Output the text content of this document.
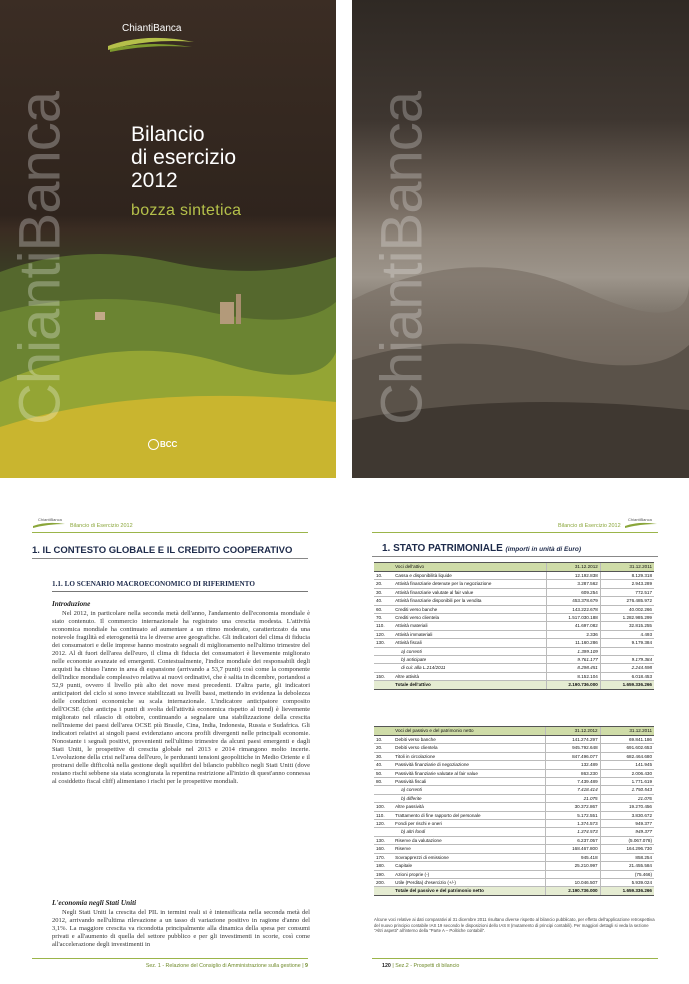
ChiantiBanca
ChiantiBanca
Bilancio
di esercizio
2012
bozza sintetica
BCC
ChiantiBanca
ChiantiBanca
Bilancio di Esercizio 2012
1. IL CONTESTO GLOBALE E IL CREDITO COOPERATIVO
1.1. LO SCENARIO MACROECONOMICO DI RIFERIMENTO
Introduzione
Nel 2012, in particolare nella seconda metà dell'anno, l'andamento dell'economia mondiale è stato contenuto. Il commercio internazionale ha registrato una crescita modesta. L'attività economica mondiale ha continuato ad aumentare a un ritmo moderato, caratterizzato da una notevole fragilità ed eterogeneità tra le diverse aree geografiche. Gli indicatori del clima di fiducia dei consumatori e delle imprese hanno mostrato segnali di miglioramento nell'ultimo trimestre del 2012. Al di fuori dell'area dell'euro, il clima di fiducia dei consumatori è lievemente migliorato nelle economie avanzate ed emergenti. Contestualmente, l'indice mondiale dei responsabili degli acquisti ha chiuso l'anno in area di espansione (arrivando a 53,7 punti) così come la componente dell'indice mondiale complessivo relativa ai nuovi ordinativi, che è salita in dicembre, portandosi a 52,9 punti, ovvero il livello più alto dei nove mesi precedenti. D'altra parte, gli indicatori anticipatori del ciclo si sono invece stabilizzati su livelli bassi, mettendo in evidenza la debolezza delle condizioni economiche su scala internazionale. L'indicatore anticipatore composito dell'OCSE (che anticipa i punti di svolta dell'attività economica rispetto al trend) è lievemente migliorato nel rilascio di ottobre, continuando a segnalare una stabilizzazione della crescita nell'insieme dei paesi dell'area OCSE più Brasile, Cina, India, Indonesia, Russia e Sudafrica. Gli indicatori relativi ai singoli paesi evidenziano ancora profili divergenti nelle principali economie. Nonostante i segnali positivi, provenienti nell'ultimo trimestre da alcuni paesi emergenti e dagli Stati Uniti, le prospettive di crescita globale nel 2013 e 2014 rimangono molto incerte. L'evoluzione della crisi nell'area dell'euro, le perduranti tensioni geopolitiche in Medio Oriente e il protrarsi delle difficoltà nella gestione degli squilibri del bilancio pubblico negli Stati Uniti (dove restano rischi sebbene sia stata scongiurata la repentina restrizione all'inizio di quest'anno connessa al cosiddetto fiscal cliff) alimentano i rischi per le prospettive mondiali.
L'economia negli Stati Uniti
Negli Stati Uniti la crescita del PIL in termini reali si è intensificata nella seconda metà del 2012, arrivando nell'ultima rilevazione a un tasso di variazione positivo in ragione d'anno del 3,1%. La maggiore crescita va ricondotta principalmente alla dinamica della spesa per consumi privati e all'aumento di quella del settore pubblico e per gli investimenti in scorte, così come all'accelerazione degli investimenti in
Sez. 1 - Relazione del Consiglio di Amministrazione sulla gestione | 9
Bilancio di Esercizio 2012
ChiantiBanca
1. STATO PATRIMONIALE (importi in unità di Euro)
	Voci dell'attivo	31.12.2012	31.12.2011
10.	Cassa e disponibilità liquide	12.192.838	8.129.318
20.	Attività finanziarie detenute per la negoziazione	3.287.562	2.943.289
30.	Attività finanziarie valutate al fair value	609.254	772.517
40.	Attività finanziarie disponibili per la vendita	453.378.679	276.485.972
60.	Crediti verso banche	143.222.678	40.002.266
70.	Crediti verso clientela	1.517.030.188	1.282.985.299
110.	Attività materiali	41.697.082	32.815.255
120.	Attività immateriali	2.336	4.493
130.	Attività fiscali	11.160.286	9.179.384
	a) correnti	1.399.109	
	b) anticipate	9.761.177	9.179.384
	di cui: alla L.214/2011	8.298.451	2.244.598
150.	Altre attività	8.152.104	6.018.453
	Totale dell'attivo	2.190.736.000	1.659.336.266
	Voci del passivo e del patrimonio netto	31.12.2012	31.12.2011
10.	Debiti verso banche	141.274.297	69.841.186
20.	Debiti verso clientela	945.792.648	691.602.653
30.	Titoli in circolazione	847.496.077	682.464.680
40.	Passività finanziarie di negoziazione	132.489	141.945
50.	Passività finanziarie valutate al fair value	863.230	2.006.430
80.	Passività fiscali	7.439.489	1.771.619
	a) correnti	7.418.414	1.750.543
	b) differite	21.075	21.076
100.	Altre passività	30.372.867	19.270.456
110.	Trattamento di fine rapporto del personale	5.172.551	3.830.672
120.	Fondi per rischi e oneri	1.374.573	949.377
	b) altri fondi	1.374.573	949.377
130.	Riserve da valutazione	6.237.057	(5.067.078)
160.	Riserve	168.467.800	164.296.730
170.	Sovrapprezzi di emissione	945.418	858.254
180.	Capitale	25.210.997	21.455.584
190.	Azioni proprie (-)		(75.466)
200.	Utile (Perdita) d'esercizio (+/-)	10.046.507	5.939.024
	Totale del passivo e del patrimonio netto	2.190.736.000	1.659.336.266
Alcune voci relative ai dati comparativi al 31 dicembre 2011 risultano diverse rispetto al bilancio pubblicato, per effetto dell'applicazione retrospettiva del nuovo principio contabile IAS 19 secondo le disposizioni dello IAS 8 (mutamento di principi contabili). Per maggiori dettagli si veda la sezione "Altri aspetti" all'interno della "Parte A – Politiche contabili".
120 | Sez.2 - Prospetti di bilancio
